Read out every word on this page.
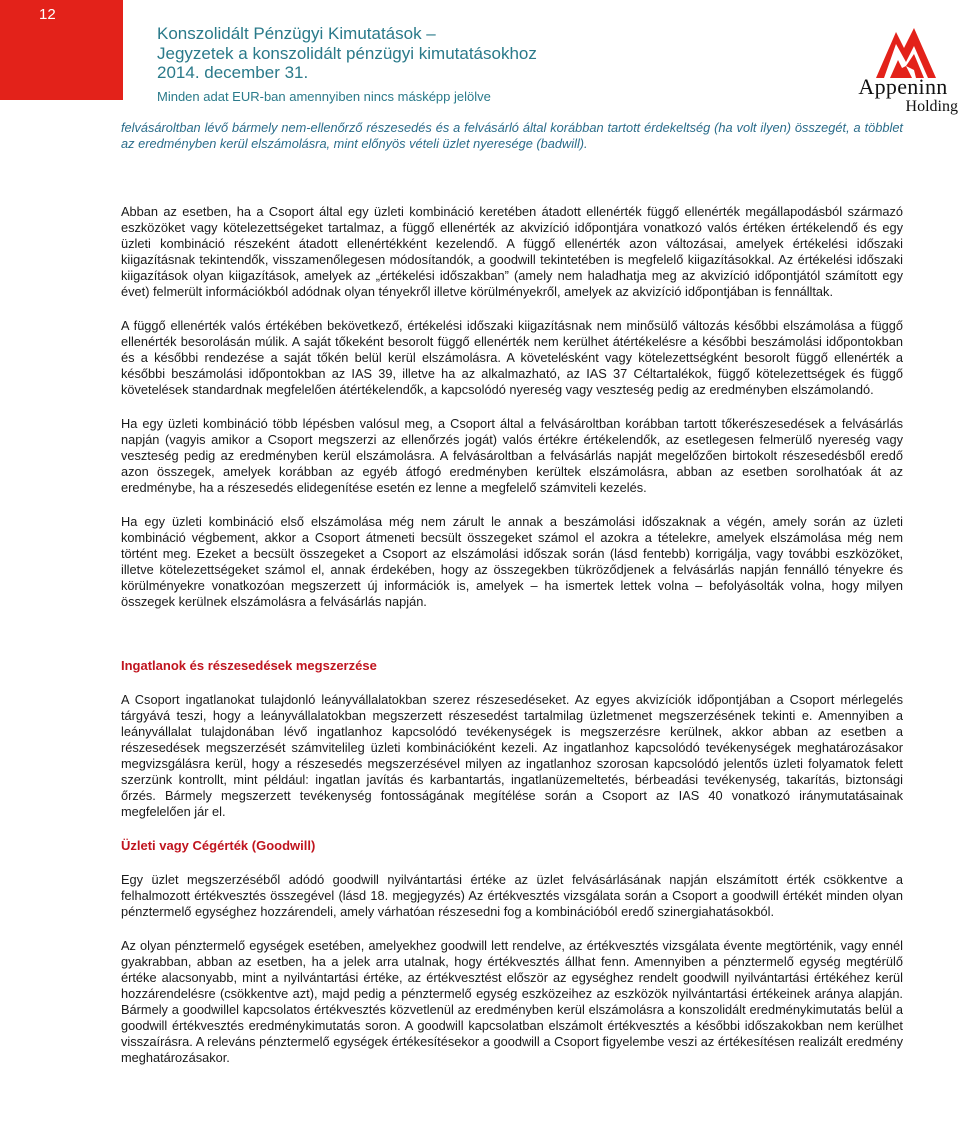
12
Konszolidált Pénzügyi Kimutatások –
Jegyzetek a konszolidált pénzügyi kimutatásokhoz
2014. december 31.
Minden adat EUR-ban amennyiben nincs másképp jelölve	Appeninn
Holding

felvásároltban lévő bármely nem-ellenőrző részesedés és a felvásárló által korábban tartott érdekeltség (ha volt ilyen) összegét, a többlet az eredményben kerül elszámolásra, mint előnyös vételi üzlet nyeresége (badwill).

Abban az esetben, ha a Csoport által egy üzleti kombináció keretében átadott ellenérték függő ellenérték megállapodásból származó eszközöket vagy kötelezettségeket tartalmaz, a függő ellenérték az akvizíció időpontjára vonatkozó valós értéken értékelendő és egy üzleti kombináció részeként átadott ellenértékként kezelendő. A függő ellenérték azon változásai, amelyek értékelési időszaki kiigazításnak tekintendők, visszamenőlegesen módosítandók, a goodwill tekintetében is megfelelő kiigazításokkal. Az értékelési időszaki kiigazítások olyan kiigazítások, amelyek az „értékelési időszakban” (amely nem haladhatja meg az akvizíció időpontjától számított egy évet) felmerült információkból adódnak olyan tényekről illetve körülményekről, amelyek az akvizíció időpontjában is fennálltak.

A függő ellenérték valós értékében bekövetkező, értékelési időszaki kiigazításnak nem minősülő változás későbbi elszámolása a függő ellenérték besorolásán múlik. A saját tőkeként besorolt függő ellenérték nem kerülhet átértékelésre a későbbi beszámolási időpontokban és a későbbi rendezése a saját tőkén belül kerül elszámolásra. A követelésként vagy kötelezettségként besorolt függő ellenérték a későbbi beszámolási időpontokban az IAS 39, illetve ha az alkalmazható, az IAS 37 Céltartalékok, függő kötelezettségek és függő követelések standardnak megfelelően átértékelendők, a kapcsolódó nyereség vagy veszteség pedig az eredményben elszámolandó.

Ha egy üzleti kombináció több lépésben valósul meg, a Csoport által a felvásároltban korábban tartott tőkerészesedések a felvásárlás napján (vagyis amikor a Csoport megszerzi az ellenőrzés jogát) valós értékre értékelendők, az esetlegesen felmerülő nyereség vagy veszteség pedig az eredményben kerül elszámolásra. A felvásároltban a felvásárlás napját megelőzően birtokolt részesedésből eredő azon összegek, amelyek korábban az egyéb átfogó eredményben kerültek elszámolásra, abban az esetben sorolhatóak át az eredménybe, ha a részesedés elidegenítése esetén ez lenne a megfelelő számviteli kezelés.

Ha egy üzleti kombináció első elszámolása még nem zárult le annak a beszámolási időszaknak a végén, amely során az üzleti kombináció végbement, akkor a Csoport átmeneti becsült összegeket számol el azokra a tételekre, amelyek elszámolása még nem történt meg. Ezeket a becsült összegeket a Csoport az elszámolási időszak során (lásd fentebb) korrigálja, vagy további eszközöket, illetve kötelezettségeket számol el, annak érdekében, hogy az összegekben tükröződjenek a felvásárlás napján fennálló tényekre és körülményekre vonatkozóan megszerzett új információk is, amelyek – ha ismertek lettek volna – befolyásolták volna, hogy milyen összegek kerülnek elszámolásra a felvásárlás napján.

Ingatlanok és részesedések megszerzése

A Csoport ingatlanokat tulajdonló leányvállalatokban szerez részesedéseket. Az egyes akvizíciók időpontjában a Csoport mérlegelés tárgyává teszi, hogy a leányvállalatokban megszerzett részesedést tartalmilag üzletmenet megszerzésének tekinti e. Amennyiben a leányvállalat tulajdonában lévő ingatlanhoz kapcsolódó tevékenységek is megszerzésre kerülnek, akkor abban az esetben a részesedések megszerzését számvitelileg üzleti kombinációként kezeli. Az ingatlanhoz kapcsolódó tevékenységek meghatározásakor megvizsgálásra kerül, hogy a részesedés megszerzésével milyen az ingatlanhoz szorosan kapcsolódó jelentős üzleti folyamatok felett szerzünk kontrollt, mint például: ingatlan javítás és karbantartás, ingatlanüzemeltetés, bérbeadási tevékenység, takarítás, biztonsági őrzés. Bármely megszerzett tevékenység fontosságának megítélése során a Csoport az IAS 40 vonatkozó iránymutatásainak megfelelően jár el.

Üzleti vagy Cégérték (Goodwill)

Egy üzlet megszerzéséből adódó goodwill nyilvántartási értéke az üzlet felvásárlásának napján elszámított érték csökkentve a felhalmozott értékvesztés összegével (lásd 18. megjegyzés) Az értékvesztés vizsgálata során a Csoport a goodwill értékét minden olyan pénztermelő egységhez hozzárendeli, amely várhatóan részesedni fog a kombinációból eredő szinergiahatásokból.

Az olyan pénztermelő egységek esetében, amelyekhez goodwill lett rendelve, az értékvesztés vizsgálata évente megtörténik, vagy ennél gyakrabban, abban az esetben, ha a jelek arra utalnak, hogy értékvesztés állhat fenn. Amennyiben a pénztermelő egység megtérülő értéke alacsonyabb, mint a nyilvántartási értéke, az értékvesztést először az egységhez rendelt goodwill nyilvántartási értékéhez kerül hozzárendelésre (csökkentve azt), majd pedig a pénztermelő egység eszközeihez az eszközök nyilvántartási értékeinek aránya alapján. Bármely a goodwillel kapcsolatos értékvesztés közvetlenül az eredményben kerül elszámolásra a konszolidált eredménykimutatás belül a goodwill értékvesztés eredménykimutatás soron. A goodwill kapcsolatban elszámolt értékvesztés a későbbi időszakokban nem kerülhet visszaírásra. A releváns pénztermelő egységek értékesítésekor a goodwill a Csoport figyelembe veszi az értékesítésen realizált eredmény meghatározásakor.
